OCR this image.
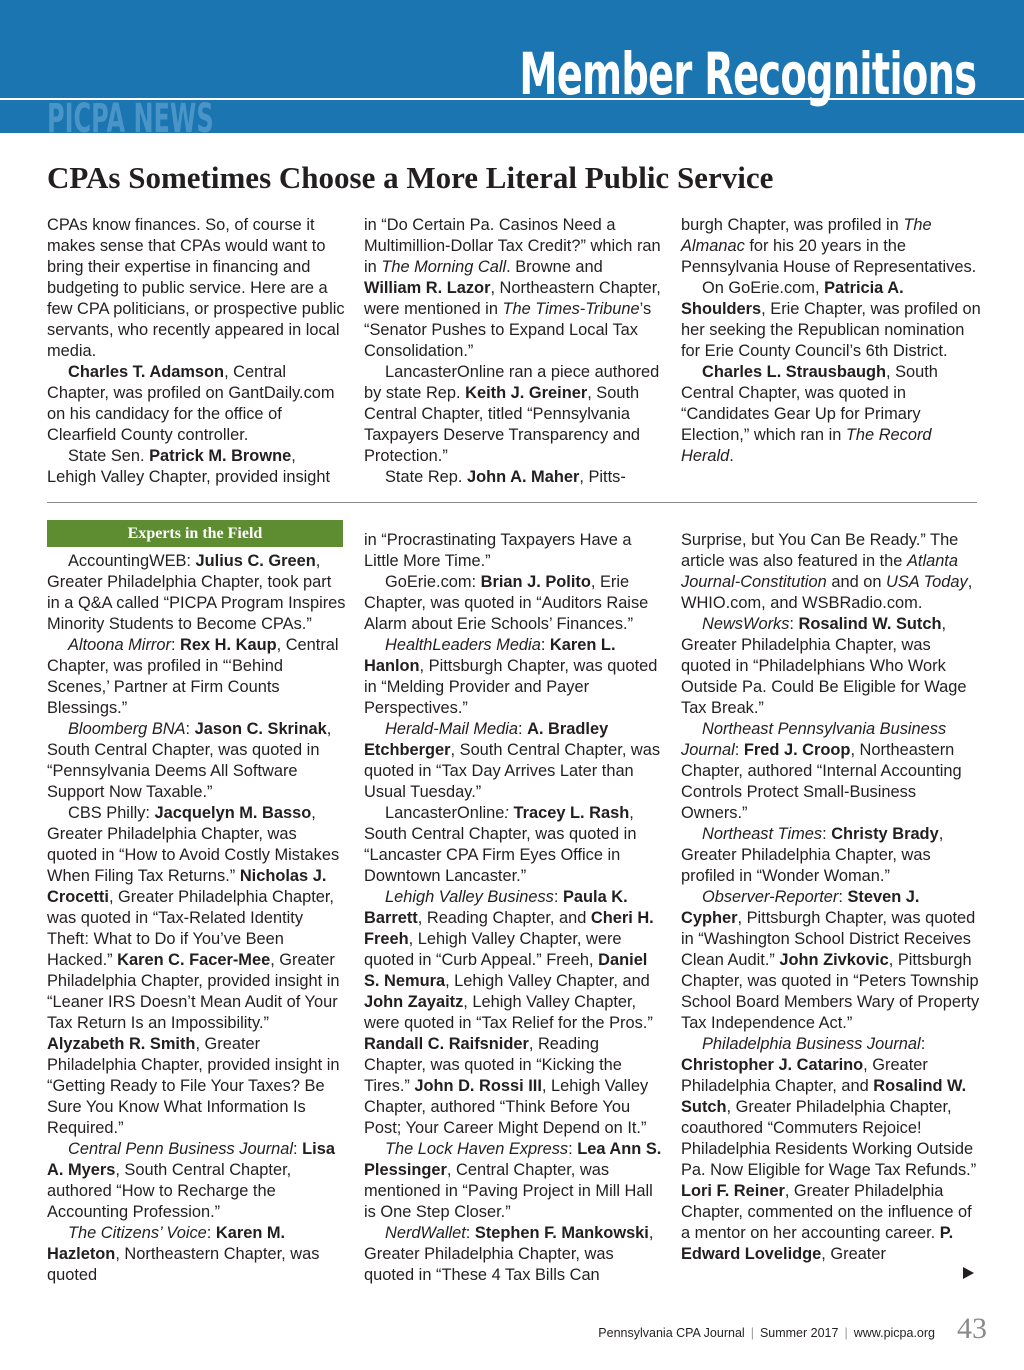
Member Recognitions
PICPA NEWS
CPAs Sometimes Choose a More Literal Public Service

CPAs know finances. So, of course it makes sense that CPAs would want to bring their expertise in financing and budgeting to public service. Here are a few CPA politicians, or prospective public servants, who recently appeared in local media.

Charles T. Adamson, Central Chapter, was profiled on GantDaily.com on his candidacy for the office of Clearfield County controller.

State Sen. Patrick M. Browne, Lehigh Valley Chapter, provided insight

in “Do Certain Pa. Casinos Need a Multimillion-Dollar Tax Credit?” which ran in The Morning Call. Browne and William R. Lazor, Northeastern Chapter, were mentioned in The Times-Tribune’s “Senator Pushes to Expand Local Tax Consolidation.”

LancasterOnline ran a piece authored by state Rep. Keith J. Greiner, South Central Chapter, titled “Pennsylvania Taxpayers Deserve Transparency and Protection.”

State Rep. John A. Maher, Pitts-

burgh Chapter, was profiled in The Almanac for his 20 years in the Pennsylvania House of Representatives.

On GoErie.com, Patricia A. Shoulders, Erie Chapter, was profiled on her seeking the Republican nomination for Erie County Council’s 6th District.

Charles L. Strausbaugh, South Central Chapter, was quoted in “Candidates Gear Up for Primary Election,” which ran in The Record Herald.

Experts in the Field

AccountingWEB: Julius C. Green, Greater Philadelphia Chapter, took part in a Q&A called “PICPA Program Inspires Minority Students to Become CPAs.”

Altoona Mirror: Rex H. Kaup, Central Chapter, was profiled in “‘Behind Scenes,’ Partner at Firm Counts Blessings.”

Bloomberg BNA: Jason C. Skrinak, South Central Chapter, was quoted in “Pennsylvania Deems All Software Support Now Taxable.”

CBS Philly: Jacquelyn M. Basso, Greater Philadelphia Chapter, was quoted in “How to Avoid Costly Mistakes When Filing Tax Returns.” Nicholas J. Crocetti, Greater Philadelphia Chapter, was quoted in “Tax-Related Identity Theft: What to Do if You’ve Been Hacked.” Karen C. Facer-Mee, Greater Philadelphia Chapter, provided insight in “Leaner IRS Doesn’t Mean Audit of Your Tax Return Is an Impossibility.” Alyzabeth R. Smith, Greater Philadelphia Chapter, provided insight in “Getting Ready to File Your Taxes? Be Sure You Know What Information Is Required.”

Central Penn Business Journal: Lisa A. Myers, South Central Chapter, authored “How to Recharge the Accounting Profession.”

The Citizens’ Voice: Karen M. Hazleton, Northeastern Chapter, was quoted

in “Procrastinating Taxpayers Have a Little More Time.”

GoErie.com: Brian J. Polito, Erie Chapter, was quoted in “Auditors Raise Alarm about Erie Schools’ Finances.”

HealthLeaders Media: Karen L. Hanlon, Pittsburgh Chapter, was quoted in “Melding Provider and Payer Perspectives.”

Herald-Mail Media: A. Bradley Etchberger, South Central Chapter, was quoted in “Tax Day Arrives Later than Usual Tuesday.”

LancasterOnline: Tracey L. Rash, South Central Chapter, was quoted in “Lancaster CPA Firm Eyes Office in Downtown Lancaster.”

Lehigh Valley Business: Paula K. Barrett, Reading Chapter, and Cheri H. Freeh, Lehigh Valley Chapter, were quoted in “Curb Appeal.” Freeh, Daniel S. Nemura, Lehigh Valley Chapter, and John Zayaitz, Lehigh Valley Chapter, were quoted in “Tax Relief for the Pros.” Randall C. Raifsnider, Reading Chapter, was quoted in “Kicking the Tires.” John D. Rossi III, Lehigh Valley Chapter, authored “Think Before You Post; Your Career Might Depend on It.”

The Lock Haven Express: Lea Ann S. Plessinger, Central Chapter, was mentioned in “Paving Project in Mill Hall is One Step Closer.”

NerdWallet: Stephen F. Mankowski, Greater Philadelphia Chapter, was quoted in “These 4 Tax Bills Can

Surprise, but You Can Be Ready.” The article was also featured in the Atlanta Journal-Constitution and on USA Today, WHIO.com, and WSBRadio.com.

NewsWorks: Rosalind W. Sutch, Greater Philadelphia Chapter, was quoted in “Philadelphians Who Work Outside Pa. Could Be Eligible for Wage Tax Break.”

Northeast Pennsylvania Business Journal: Fred J. Croop, Northeastern Chapter, authored “Internal Accounting Controls Protect Small-Business Owners.”

Northeast Times: Christy Brady, Greater Philadelphia Chapter, was profiled in “Wonder Woman.”

Observer-Reporter: Steven J. Cypher, Pittsburgh Chapter, was quoted in “Washington School District Receives Clean Audit.” John Zivkovic, Pittsburgh Chapter, was quoted in “Peters Township School Board Members Wary of Property Tax Independence Act.”

Philadelphia Business Journal: Christopher J. Catarino, Greater Philadelphia Chapter, and Rosalind W. Sutch, Greater Philadelphia Chapter, coauthored “Commuters Rejoice! Philadelphia Residents Working Outside Pa. Now Eligible for Wage Tax Refunds.” Lori F. Reiner, Greater Philadelphia Chapter, commented on the influence of a mentor on her accounting career. P. Edward Lovelidge, Greater

Pennsylvania CPA Journal | Summer 2017 | www.picpa.org 43
